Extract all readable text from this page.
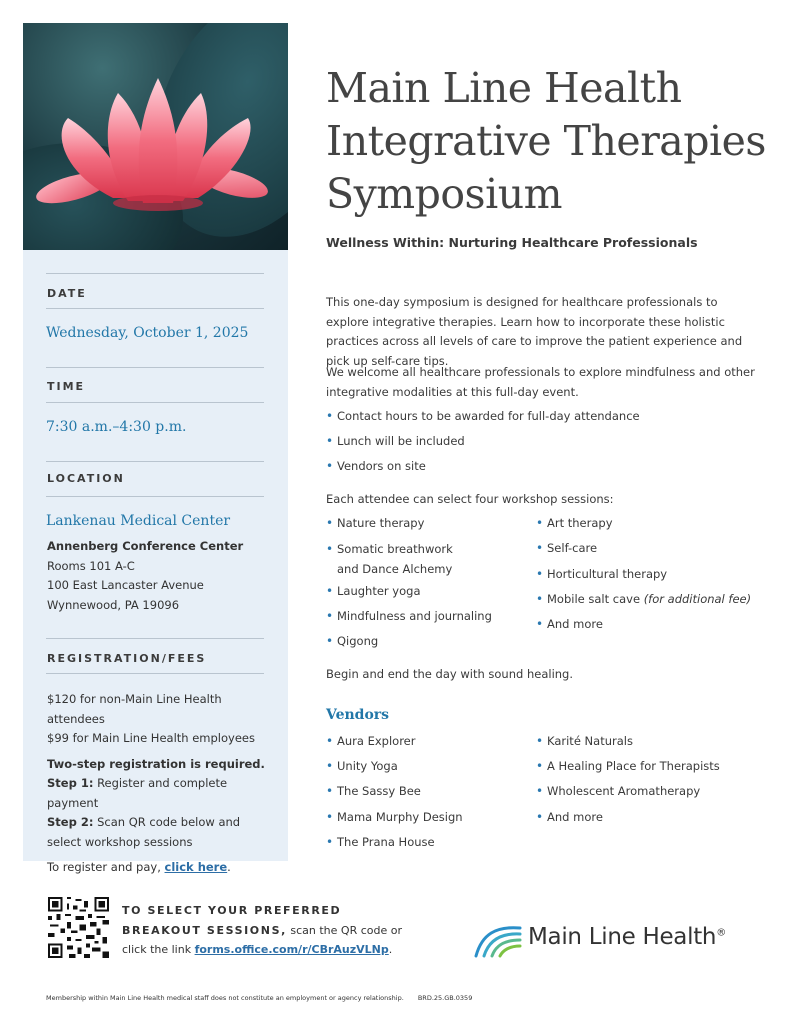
DATE
Wednesday, October 1, 2025
TIME
7:30 a.m.–4:30 p.m.
LOCATION
Lankenau Medical Center
Annenberg Conference Center
Rooms 101 A-C
100 East Lancaster Avenue
Wynnewood, PA 19096
REGISTRATION/FEES
$120 for non-Main Line Health attendees
$99 for Main Line Health employees
Two-step registration is required.
Step 1: Register and complete payment
Step 2: Scan QR code below and select workshop sessions
To register and pay, click here.
Main Line Health
Integrative Therapies
Symposium
Wellness Within: Nurturing Healthcare Professionals
This one-day symposium is designed for healthcare professionals to explore integrative therapies. Learn how to incorporate these holistic practices across all levels of care to improve the patient experience and pick up self-care tips.
We welcome all healthcare professionals to explore mindfulness and other integrative modalities at this full-day event.
• Contact hours to be awarded for full-day attendance
• Lunch will be included
• Vendors on site
Each attendee can select four workshop sessions:
• Nature therapy
• Somatic breathwork
and Dance Alchemy
• Laughter yoga
• Mindfulness and journaling
• Qigong
• Art therapy
• Self-care
• Horticultural therapy
• Mobile salt cave (for additional fee)
• And more
Begin and end the day with sound healing.
Vendors
• Aura Explorer
• Unity Yoga
• The Sassy Bee
• Mama Murphy Design
• The Prana House
• Karité Naturals
• A Healing Place for Therapists
• Wholescent Aromatherapy
• And more
TO SELECT YOUR PREFERRED BREAKOUT SESSIONS, scan the QR code or click the link forms.office.com/r/CBrAuzVLNp.	Main Line Health®
Membership within Main Line Health medical staff does not constitute an employment or agency relationship. BRD.25.GB.0359
